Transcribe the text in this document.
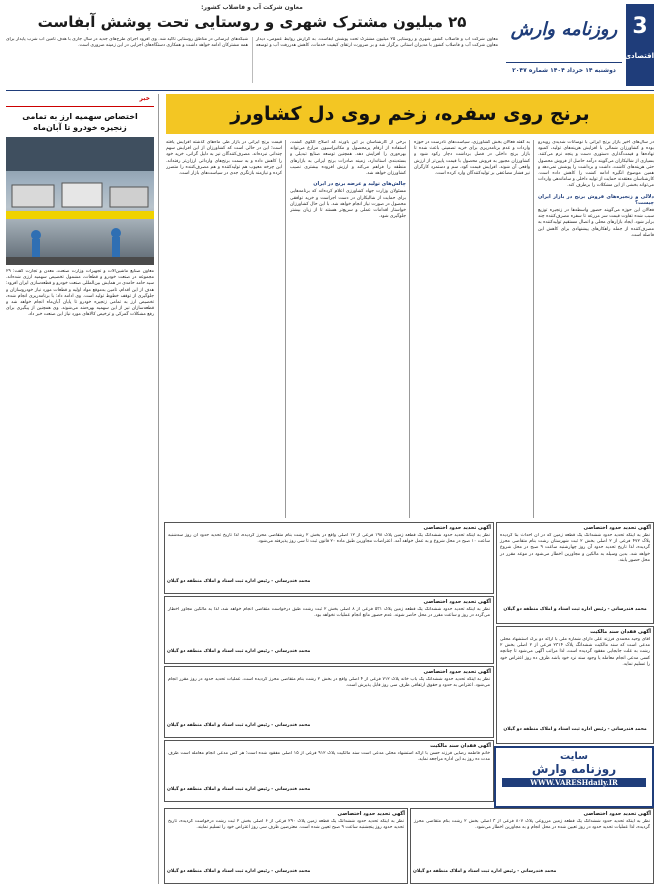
3
اقتصادی
روزنامه وارش
دوشنبه ۱۴ خرداد ۱۴۰۴ شماره ۲۰۴۷
معاون شرکت آب و فاضلاب کشور:
۲۵ میلیون مشترک شهری و روستایی تحت پوشش آبفاست
معاون شرکت آب و فاضلاب کشور شهری و روستایی ۲۵ میلیون مشترک تحت پوشش آبفاست. به گزارش روابط عمومی، دیدار معاون شرکت آب و فاضلاب کشور با مدیران استانی برگزار شد و بر ضرورت ارتقای کیفیت خدمات، کاهش هدررفت آب و توسعه شبکه‌های آبرسانی در مناطق روستایی تاکید شد. وی افزود اجرای طرح‌های جدید در سال جاری با هدف تامین آب شرب پایدار برای همه مشترکان ادامه خواهد داشت و همکاری دستگاه‌های اجرایی در این زمینه ضروری است.
برنج روی سفره، زخم روی دل کشاورز
در سال‌های اخیر بازار برنج ایرانی با نوسانات شدیدی روبه‌رو بوده و کشاورزان شمالی با افزایش هزینه‌های تولید، کمبود نهاده‌ها و قیمت‌گذاری دستوری دست و پنجه نرم می‌کنند. بسیاری از شالیکاران می‌گویند درآمد حاصل از فروش محصول حتی هزینه‌های کاشت، داشت و برداشت را پوشش نمی‌دهد و همین موضوع انگیزه ادامه کشت را کاهش داده است. کارشناسان معتقدند حمایت از تولید داخلی و ساماندهی واردات می‌تواند بخشی از این مشکلات را برطرف کند.
دلالی و زنجیره‌های فروش برنج در بازار ایران چیست؟
فعالان این حوزه می‌گویند حضور واسطه‌ها در زنجیره توزیع سبب شده تفاوت قیمت سر مزرعه تا سفره مصرف‌کننده چند برابر شود. ایجاد بازارهای محلی و اتصال مستقیم تولیدکننده به مصرف‌کننده از جمله راهکارهای پیشنهادی برای کاهش این فاصله است.
به گفته فعالان بخش کشاورزی، سیاست‌های نادرست در حوزه واردات و عدم برنامه‌ریزی برای خرید تضمینی باعث شده تا بازار برنج داخلی در فصل برداشت دچار رکود شود و کشاورزان مجبور به فروش محصول با قیمت پایین‌تر از ارزش واقعی آن شوند. افزایش قیمت کود، سم و دستمزد کارگران نیز فشار مضاعفی بر تولیدکنندگان وارد کرده است.
برخی از کارشناسان بر این باورند که اصلاح الگوی کشت، استفاده از ارقام پرمحصول و مکانیزاسیون مزارع می‌تواند بهره‌وری را افزایش دهد. همچنین توسعه صنایع تبدیلی و بسته‌بندی استاندارد، زمینه صادرات برنج ایرانی به بازارهای منطقه را فراهم می‌کند و ارزش افزوده بیشتری نصیب کشاورزان خواهد شد.
چالش‌های تولید و عرضه برنج در ایران
مسئولان وزارت جهاد کشاورزی اعلام کرده‌اند که برنامه‌هایی برای حمایت از شالیکاران در دست اجراست و خرید توافقی محصول در صورت نیاز انجام خواهد شد. با این حال کشاورزان خواستار اقدامات عملی و سریع‌تر هستند تا از زیان بیشتر جلوگیری شود.
قیمت برنج ایرانی در بازار طی ماه‌های گذشته افزایش یافته است؛ این در حالی است که کشاورزان از این افزایش سهم چندانی نبرده‌اند. مصرف‌کنندگان نیز به دلیل گرانی، خرید خود را کاهش داده و به سمت برنج‌های وارداتی ارزان‌تر رفته‌اند. این چرخه معیوب هم تولیدکننده و هم مصرف‌کننده را متضرر کرده و نیازمند بازنگری جدی در سیاست‌های بازار است.
خبر
اختصاص سهمیه ارز به تمامی زنجیره خودرو تا آبان‌ماه
معاون صنایع ماشین‌آلات و تجهیزات وزارت صنعت، معدن و تجارت گفت: ۲۹ مجموعه در صنعت خودرو و قطعات، مشمول تخصیص سهمیه ارزی شده‌اند. سید حامد حامدی در همایش بین‌المللی صنعت خودرو و قطعه‌سازی ایران افزود: هدف از این اقدام، تامین به‌موقع مواد اولیه و قطعات مورد نیاز خودروسازان و جلوگیری از توقف خطوط تولید است. وی ادامه داد: با برنامه‌ریزی انجام شده، تخصیص ارز به تمامی زنجیره خودرو تا پایان آبان‌ماه انجام خواهد شد و قطعه‌سازان نیز از این سهمیه بهره‌مند می‌شوند. وی همچنین از پیگیری برای رفع مشکلات گمرکی و ترخیص کالاهای مورد نیاز این صنعت خبر داد.
آگهی تحدید حدود اختصاصی
نظر به اینکه تحدید حدود ششدانگ یک قطعه زمین که در آن احداث بنا گردیده پلاک ۴۷۲ فرعی از ۲ اصلی بخش ۲ ثبت شهرستان رشت بنام متقاضی محرز گردیده، لذا تاریخ تحدید حدود آن روز چهارشنبه ساعت ۹ صبح در محل شروع خواهد شد. بدین وسیله به مالکین و مجاورین اخطار می‌شود در موعد مقرر در محل حضور یابند.
محمد قندرسانی - رئیس اداره ثبت اسناد و املاک منطقه دو گیلان
آگهی تحدید حدود اختصاصی
نظر به اینکه تحدید حدود ششدانگ یک قطعه زمین پلاک ۱۹۸ فرعی از ۱۲ اصلی واقع در بخش ۲ رشت بنام متقاضی محرز گردیده، لذا تاریخ تحدید حدود آن روز سه‌شنبه ساعت ۱۰ صبح در محل شروع و به عمل خواهد آمد. اعتراضات مجاورین طبق ماده ۲۰ قانون ثبت تا سی روز پذیرفته می‌شود.
محمد قندرسانی - رئیس اداره ثبت اسناد و املاک منطقه دو گیلان
آگهی تحدید حدود اختصاصی
نظر به اینکه تحدید حدود ششدانگ یک قطعه زمین پلاک ۵۳۱ فرعی از ۸ اصلی بخش ۲ ثبت رشت طبق درخواست متقاضی انجام خواهد شد، لذا به مالکین مجاور اخطار می‌گردد در روز و ساعت مقرر در محل حاضر شوند. عدم حضور مانع انجام عملیات نخواهد بود.
محمد قندرسانی - رئیس اداره ثبت اسناد و املاک منطقه دو گیلان
آگهی فقدان سند مالکیت
آقای وحید محمدی فرزند علی دارای شماره ملی با ارائه دو برگ استشهاد محلی مدعی است که سند مالکیت ششدانگ پلاک ۲۳۱۴ فرعی از ۲ اصلی بخش ۲ رشت به علت جابجایی مفقود گردیده است، لذا مراتب آگهی می‌شود تا چنانچه کسی مدعی انجام معامله یا وجود سند نزد خود باشد ظرف ده روز اعتراض خود را تسلیم نماید.
محمد قندرسانی - رئیس اداره ثبت اسناد و املاک منطقه دو گیلان
آگهی تحدید حدود اختصاصی
نظر به اینکه تحدید حدود ششدانگ یک باب خانه پلاک ۷۱۲ فرعی از ۴ اصلی واقع در بخش ۲ رشت بنام متقاضی محرز گردیده است، عملیات تحدید حدود در روز مقرر انجام می‌شود. اعتراض به حدود و حقوق ارتفاقی ظرف سی روز قابل پذیرش است.
محمد قندرسانی - رئیس اداره ثبت اسناد و املاک منطقه دو گیلان
آگهی فقدان سند مالکیت
خانم فاطمه رضایی فرزند حسن با ارائه استشهاد محلی مدعی است سند مالکیت پلاک ۹۱۲ فرعی از ۱۵ اصلی مفقود شده است؛ هر کس مدعی انجام معامله است ظرف مدت ده روز به این اداره مراجعه نماید.
محمد قندرسانی - رئیس اداره ثبت اسناد و املاک منطقه دو گیلان
سایت
روزنامه وارش
WWW.VARESHdaily.IR
آگهی تحدید حدود اختصاصی
نظر به اینکه تحدید حدود ششدانگ یک قطعه زمین مزروعی پلاک ۸۰۷ فرعی از ۳ اصلی بخش ۲ رشت بنام متقاضی محرز گردیده، لذا عملیات تحدید حدود در روز تعیین شده در محل انجام و به مجاورین اخطار می‌شود.
محمد قندرسانی - رئیس اداره ثبت اسناد و املاک منطقه دو گیلان
آگهی تحدید حدود اختصاصی
نظر به اینکه تحدید حدود ششدانگ یک قطعه زمین پلاک ۲۹۰ فرعی از ۶ اصلی بخش ۲ ثبت رشت درخواست گردیده، تاریخ تحدید حدود روز پنجشنبه ساعت ۹ صبح تعیین شده است. معترضین ظرف سی روز اعتراض خود را تسلیم نمایند.
محمد قندرسانی - رئیس اداره ثبت اسناد و املاک منطقه دو گیلان
